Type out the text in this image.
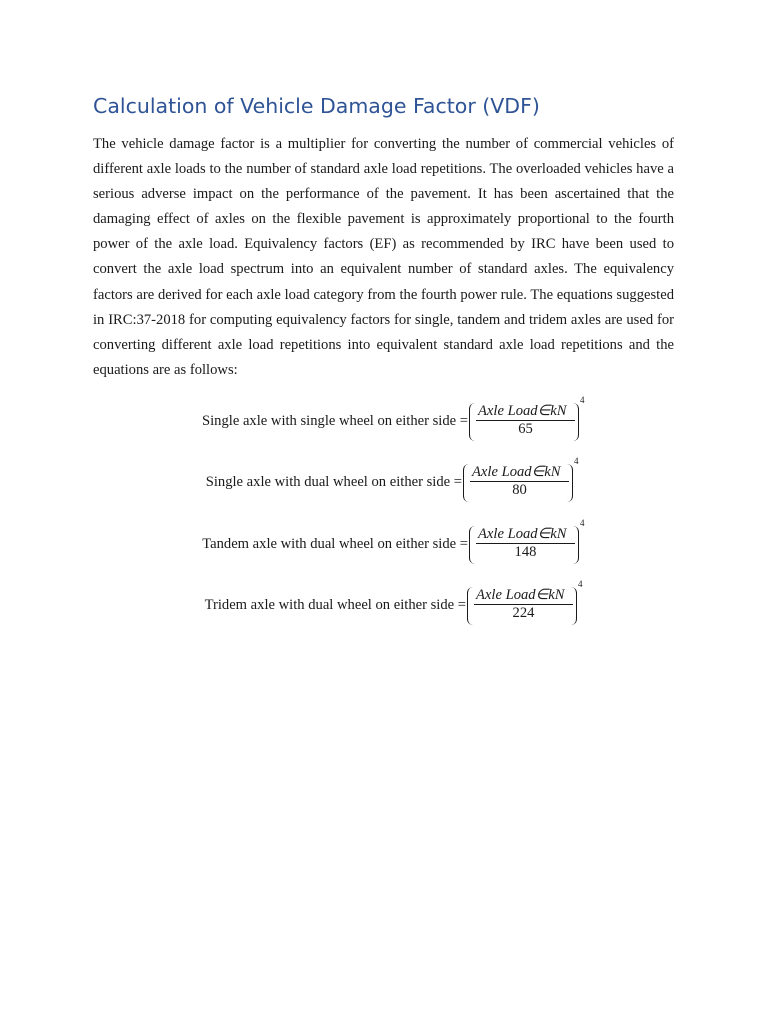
Calculation of Vehicle Damage Factor (VDF)

The vehicle damage factor is a multiplier for converting the number of commercial vehicles of different axle loads to the number of standard axle load repetitions. The overloaded vehicles have a serious adverse impact on the performance of the pavement. It has been ascertained that the damaging effect of axles on the flexible pavement is approximately proportional to the fourth power of the axle load. Equivalency factors (EF) as recommended by IRC have been used to convert the axle load spectrum into an equivalent number of standard axles. The equivalency factors are derived for each axle load category from the fourth power rule. The equations suggested in IRC:37-2018 for computing equivalency factors for single, tandem and tridem axles are used for converting different axle load repetitions into equivalent standard axle load repetitions and the equations are as follows:

Single axle with single wheel on either side =
Axle Load∈kN
65
4
Single axle with dual wheel on either side =
Axle Load∈kN
80
4
Tandem axle with dual wheel on either side =
Axle Load∈kN
148
4
Tridem axle with dual wheel on either side =
Axle Load∈kN
224
4
